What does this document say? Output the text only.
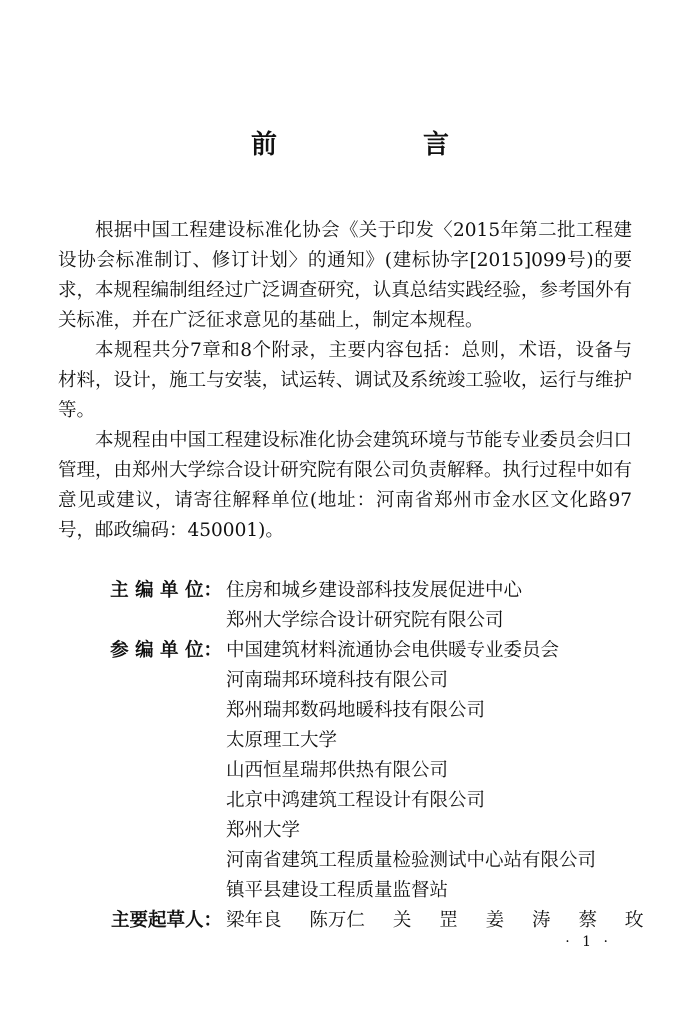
前　言

根据中国工程建设标准化协会《关于印发〈2015年第二批工程建设协会标准制订、修订计划〉的通知》(建标协字[2015]099号)的要求，本规程编制组经过广泛调查研究，认真总结实践经验，参考国外有关标准，并在广泛征求意见的基础上，制定本规程。

本规程共分7章和8个附录，主要内容包括：总则，术语，设备与材料，设计，施工与安装，试运转、调试及系统竣工验收，运行与维护等。

本规程由中国工程建设标准化协会建筑环境与节能专业委员会归口管理，由郑州大学综合设计研究院有限公司负责解释。执行过程中如有意见或建议，请寄往解释单位(地址：河南省郑州市金水区文化路97号，邮政编码：450001)。

主 编 单 位： 住房和城乡建设部科技发展促进中心
郑州大学综合设计研究院有限公司
参 编 单 位： 中国建筑材料流通协会电供暖专业委员会
河南瑞邦环境科技有限公司
郑州瑞邦数码地暖科技有限公司
太原理工大学
山西恒星瑞邦供热有限公司
北京中鸿建筑工程设计有限公司
郑州大学
河南省建筑工程质量检验测试中心站有限公司
镇平县建设工程质量监督站
主要起草人： 梁年良 陈万仁 关 罡 姜 涛 蔡 玫
· 1 ·
